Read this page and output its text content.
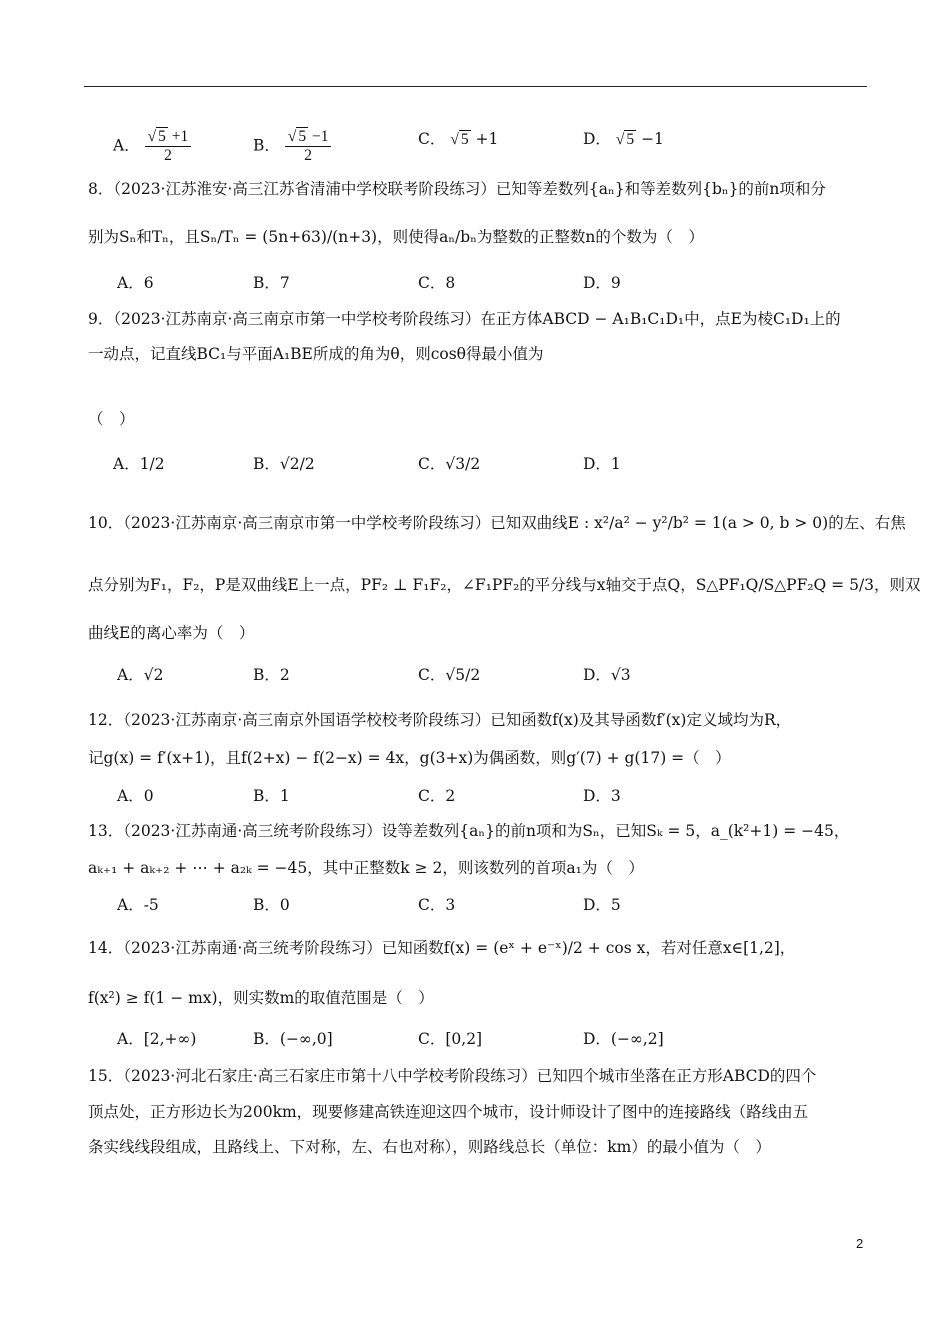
A． $\frac{√ 5 +1}{2}$	B． $\frac{√ 5 -1}{2}$	C． √ 5 +1	D． √ 5 −1
8．（2023·江苏淮安·高三江苏省清浦中学校联考阶段练习）已知等差数列{aₙ}和等差数列{bₙ}的前n项和分
别为Sₙ和Tₙ，且Sₙ/Tₙ = (5n+63)/(n+3)，则使得aₙ/bₙ为整数的正整数n的个数为（　）
A．6	B．7	C．8	D．9
9．（2023·江苏南京·高三南京市第一中学校考阶段练习）在正方体ABCD − A₁B₁C₁D₁中，点E为棱C₁D₁上的
一动点，记直线BC₁与平面A₁BE所成的角为θ，则cosθ得最小值为
（　）
A．1/2	B．√2/2	C．√3/2	D．1
10．（2023·江苏南京·高三南京市第一中学校考阶段练习）已知双曲线E : x²/a² − y²/b² = 1(a > 0, b > 0)的左、右焦
点分别为F₁，F₂，P是双曲线E上一点，PF₂ ⊥ F₁F₂，∠F₁PF₂的平分线与x轴交于点Q，S△PF₁Q/S△PF₂Q = 5/3，则双
曲线E的离心率为（　）
A．√2	B．2	C．√5/2	D．√3
12．（2023·江苏南京·高三南京外国语学校校考阶段练习）已知函数f(x)及其导函数f′(x)定义域均为R，
记g(x) = f′(x+1)，且f(2+x) − f(2−x) = 4x，g(3+x)为偶函数，则g′(7) + g(17) =（　）
A．0	B．1	C．2	D．3
13．（2023·江苏南通·高三统考阶段练习）设等差数列{aₙ}的前n项和为Sₙ，已知Sₖ = 5，a_(k²+1) = −45，
aₖ₊₁ + aₖ₊₂ + ⋯ + a₂ₖ = −45，其中正整数k ≥ 2，则该数列的首项a₁为（　）
A．-5	B．0	C．3	D．5
14．（2023·江苏南通·高三统考阶段练习）已知函数f(x) = (eˣ + e⁻ˣ)/2 + cos x，若对任意x∈[1,2]，
f(x²) ≥ f(1 − mx)，则实数m的取值范围是（　）
A．[2,+∞)	B．(−∞,0]	C．[0,2]	D．(−∞,2]
15．（2023·河北石家庄·高三石家庄市第十八中学校考阶段练习）已知四个城市坐落在正方形ABCD的四个
顶点处，正方形边长为200km，现要修建高铁连迎这四个城市，设计师设计了图中的连接路线（路线由五
条实线线段组成，且路线上、下对称，左、右也对称），则路线总长（单位：km）的最小值为（　）
2
